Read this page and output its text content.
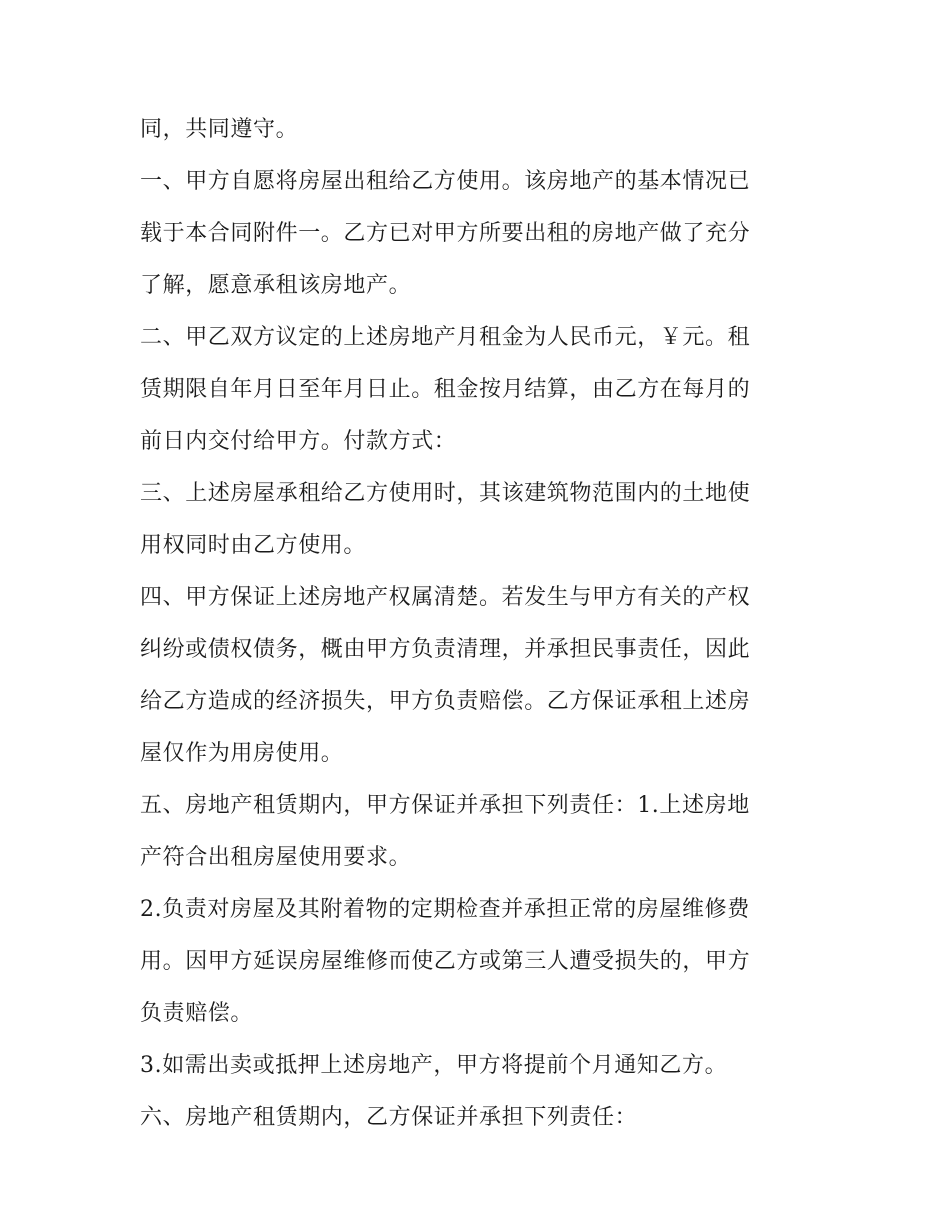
同，共同遵守。

一、甲方自愿将房屋出租给乙方使用。该房地产的基本情况已

载于本合同附件一。乙方已对甲方所要出租的房地产做了充分

了解，愿意承租该房地产。

二、甲乙双方议定的上述房地产月租金为人民币元，￥元。租

赁期限自年月日至年月日止。租金按月结算，由乙方在每月的

前日内交付给甲方。付款方式：

三、上述房屋承租给乙方使用时，其该建筑物范围内的土地使

用权同时由乙方使用。

四、甲方保证上述房地产权属清楚。若发生与甲方有关的产权

纠纷或债权债务，概由甲方负责清理，并承担民事责任，因此

给乙方造成的经济损失，甲方负责赔偿。乙方保证承租上述房

屋仅作为用房使用。

五、房地产租赁期内，甲方保证并承担下列责任：1.上述房地

产符合出租房屋使用要求。

2.负责对房屋及其附着物的定期检查并承担正常的房屋维修费

用。因甲方延误房屋维修而使乙方或第三人遭受损失的，甲方

负责赔偿。

3.如需出卖或抵押上述房地产，甲方将提前个月通知乙方。

六、房地产租赁期内，乙方保证并承担下列责任：
